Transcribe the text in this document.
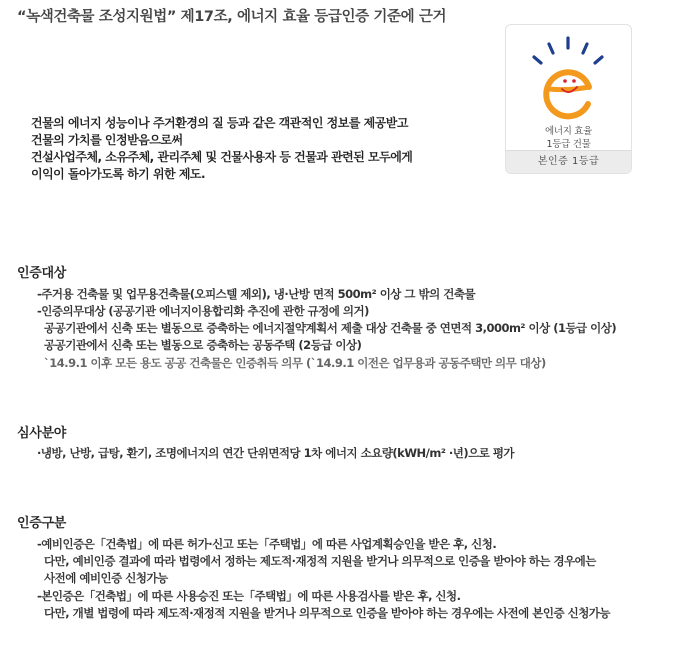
“녹색건축물 조성지원법” 제17조, 에너지 효율 등급인증 기준에 근거
건물의 에너지 성능이나 주거환경의 질 등과 같은 객관적인 정보를 제공받고
건물의 가치를 인정받음으로써
건설사업주체, 소유주체, 관리주체 및 건물사용자 등 건물과 관련된 모두에게
이익이 돌아가도록 하기 위한 제도.
에너지 효율
1등급 건물
본인증 1등급
인증대상
-주거용 건축물 및 업무용건축물(오피스텔 제외), 냉·난방 면적 500m² 이상 그 밖의 건축물
-인증의무대상 (공공기관 에너지이용합리화 추진에 관한 규정에 의거)
공공기관에서 신축 또는 별동으로 증축하는 에너지절약계획서 제출 대상 건축물 중 연면적 3,000m² 이상 (1등급 이상)
공공기관에서 신축 또는 별동으로 증축하는 공동주택 (2등급 이상)
`14.9.1 이후 모든 용도 공공 건축물은 인증취득 의무 (`14.9.1 이전은 업무용과 공동주택만 의무 대상)
심사분야
·냉방, 난방, 급탕, 환기, 조명에너지의 연간 단위면적당 1차 에너지 소요량(kWH/m² ·년)으로 평가
인증구분
-예비인증은「건축법」에 따른 허가·신고 또는「주택법」에 따른 사업계획승인을 받은 후, 신청.
다만, 예비인증 결과에 따라 법령에서 정하는 제도적·재정적 지원을 받거나 의무적으로 인증을 받아야 하는 경우에는
사전에 예비인증 신청가능
-본인증은「건축법」에 따른 사용승진 또는「주택법」에 따른 사용검사를 받은 후, 신청.
다만, 개별 법령에 따라 제도적·재정적 지원을 받거나 의무적으로 인증을 받아야 하는 경우에는 사전에 본인증 신청가능
